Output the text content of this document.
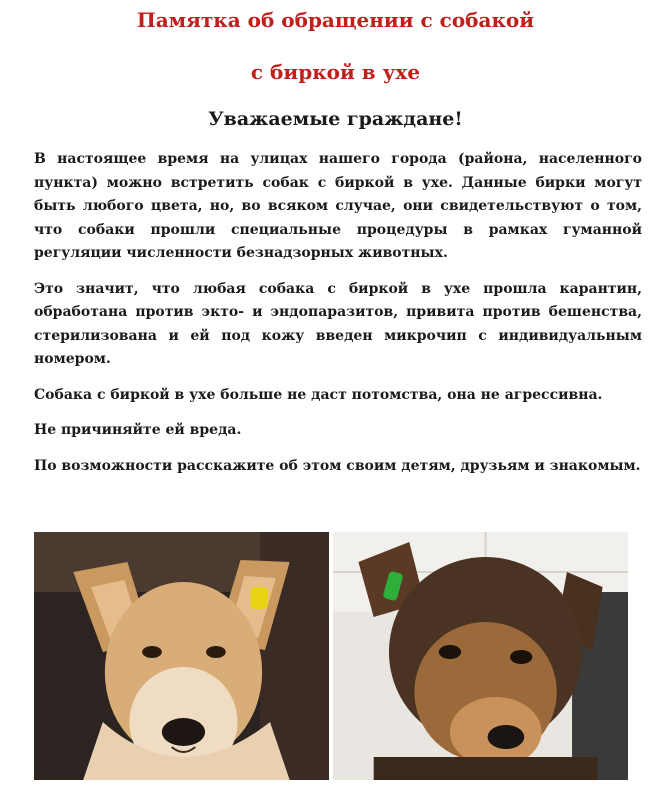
Памятка об обращении с собакой
с биркой в ухе
Уважаемые граждане!

В настоящее время на улицах нашего города (района, населенного пункта) можно встретить собак с биркой в ухе. Данные бирки могут быть любого цвета, но, во всяком случае, они свидетельствуют о том, что собаки прошли специальные процедуры в рамках гуманной регуляции численности безнадзорных животных.

Это значит, что любая собака с биркой в ухе прошла карантин, обработана против экто- и эндопаразитов, привита против бешенства, стерилизована и ей под кожу введен микрочип с индивидуальным номером.

Собака с биркой в ухе больше не даст потомства, она не агрессивна.

Не причиняйте ей вреда.

По возможности расскажите об этом своим детям, друзьям и знакомым.
